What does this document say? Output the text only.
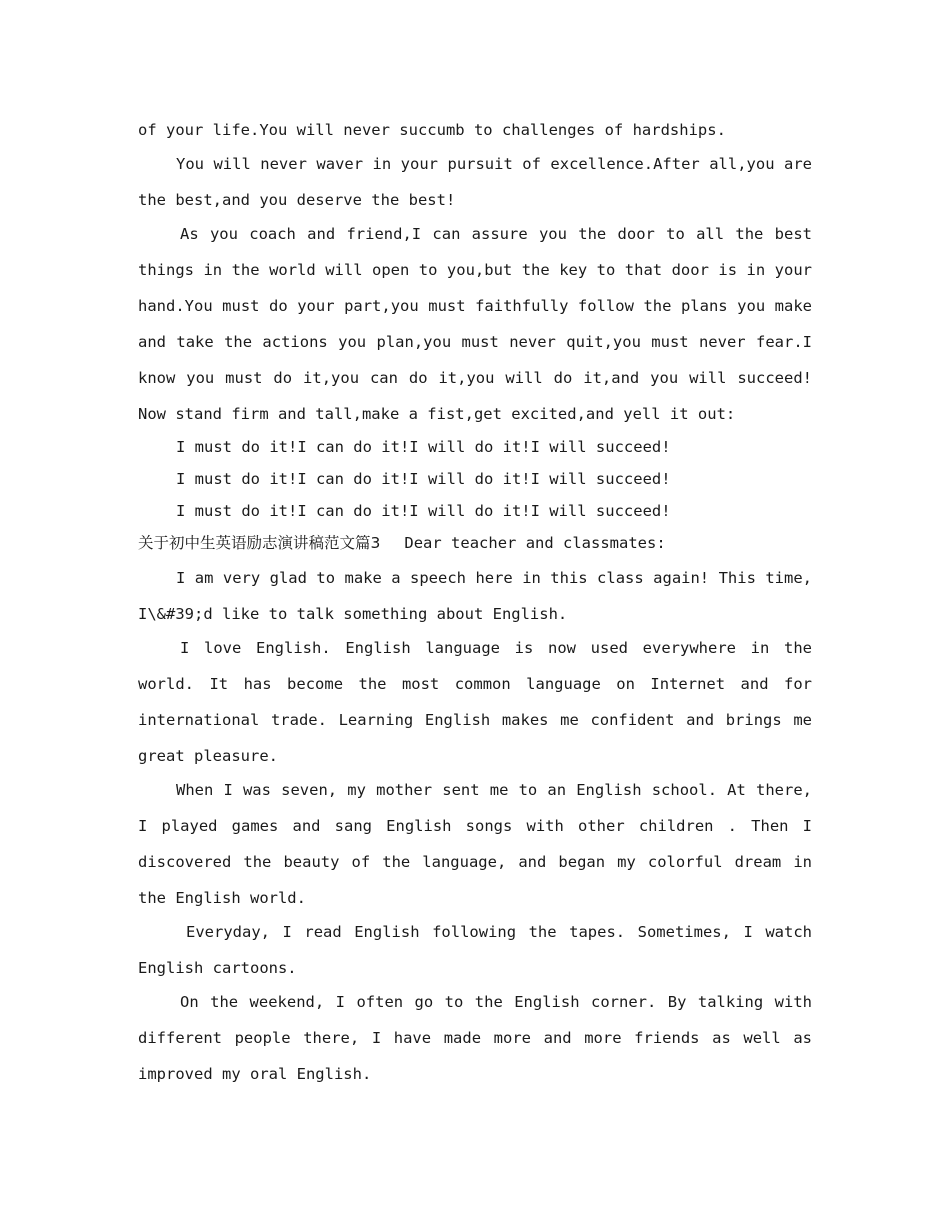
of your life.You will never succumb to challenges of hardships.

You will never waver in your pursuit of excellence.After all,you are the best,and you deserve the best!

As you coach and friend,I can assure you the door to all the best things in the world will open to you,but the key to that door is in your hand.You must do your part,you must faithfully follow the plans you make and take the actions you plan,you must never quit,you must never fear.I know you must do it,you can do it,you will do it,and you will succeed! Now stand firm and tall,make a fist,get excited,and yell it out:

I must do it!I can do it!I will do it!I will succeed!

I must do it!I can do it!I will do it!I will succeed!

I must do it!I can do it!I will do it!I will succeed!

关于初中生英语励志演讲稿范文篇3 Dear teacher and classmates:

I am very glad to make a speech here in this class again! This time, I\&#39;d like to talk something about English.

I love English. English language is now used everywhere in the world. It has become the most common language on Internet and for international trade. Learning English makes me confident and brings me great pleasure.

When I was seven, my mother sent me to an English school. At there, I played games and sang English songs with other children . Then I discovered the beauty of the language, and began my colorful dream in the English world.

Everyday, I read English following the tapes. Sometimes, I watch English cartoons.

On the weekend, I often go to the English corner. By talking with different people there, I have made more and more friends as well as improved my oral English.
